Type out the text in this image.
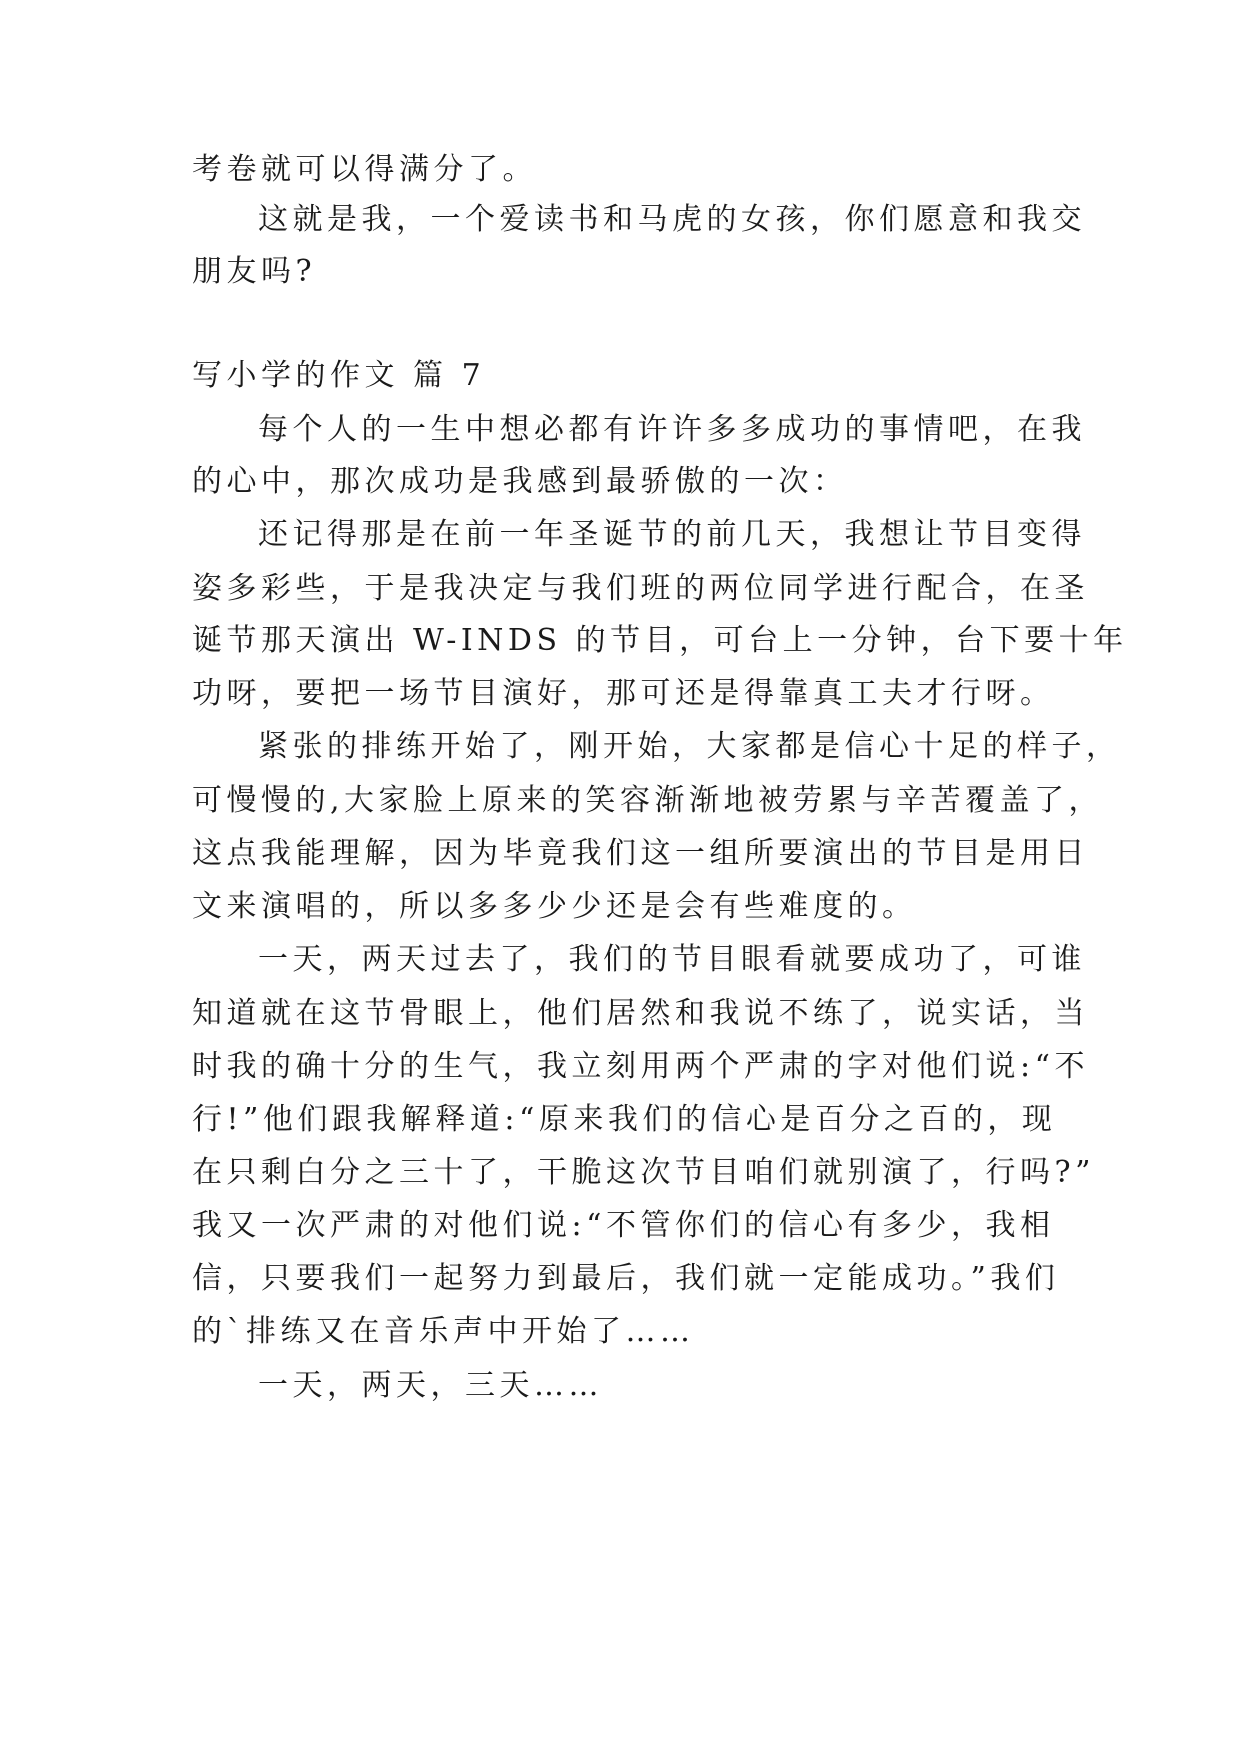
考卷就可以得满分了。
这就是我，一个爱读书和马虎的女孩，你们愿意和我交
朋友吗?
写小学的作文 篇 7
每个人的一生中想必都有许许多多成功的事情吧，在我
的心中，那次成功是我感到最骄傲的一次：
还记得那是在前一年圣诞节的前几天，我想让节目变得
姿多彩些，于是我决定与我们班的两位同学进行配合，在圣
诞节那天演出 W-INDS 的节目，可台上一分钟，台下要十年
功呀，要把一场节目演好，那可还是得靠真工夫才行呀。
紧张的排练开始了，刚开始，大家都是信心十足的样子，
可慢慢的,大家脸上原来的笑容渐渐地被劳累与辛苦覆盖了，
这点我能理解，因为毕竟我们这一组所要演出的节目是用日
文来演唱的，所以多多少少还是会有些难度的。
一天，两天过去了，我们的节目眼看就要成功了，可谁
知道就在这节骨眼上，他们居然和我说不练了，说实话，当
时我的确十分的生气，我立刻用两个严肃的字对他们说:“不
行!”他们跟我解释道:“原来我们的信心是百分之百的，现
在只剩白分之三十了，干脆这次节目咱们就别演了，行吗?”
我又一次严肃的对他们说:“不管你们的信心有多少，我相
信，只要我们一起努力到最后，我们就一定能成功。”我们
的`排练又在音乐声中开始了……
一天，两天，三天……
